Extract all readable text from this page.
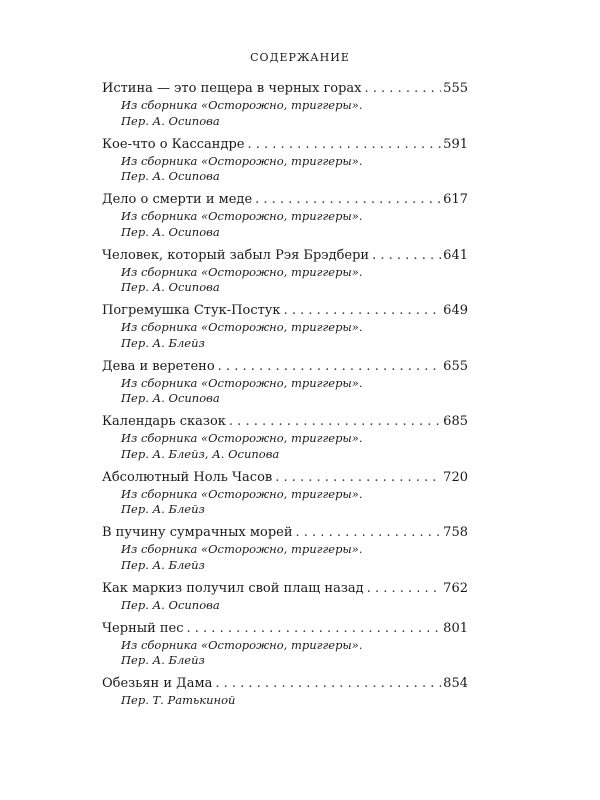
СОДЕРЖАНИЕ
Истина — это пещера в черных горах . . .	555
Из сборника «Осторожно, триггеры».
Пер. А. Осипова
Кое-что о Кассандре . . .	591
Из сборника «Осторожно, триггеры».
Пер. А. Осипова
Дело о смерти и меде . . .	617
Из сборника «Осторожно, триггеры».
Пер. А. Осипова
Человек, который забыл Рэя Брэдбери . . .	641
Из сборника «Осторожно, триггеры».
Пер. А. Осипова
Погремушка Стук-Постук . . .	649
Из сборника «Осторожно, триггеры».
Пер. А. Блейз
Дева и веретено . . .	655
Из сборника «Осторожно, триггеры».
Пер. А. Осипова
Календарь сказок . . .	685
Из сборника «Осторожно, триггеры».
Пер. А. Блейз, А. Осипова
Абсолютный Ноль Часов . . .	720
Из сборника «Осторожно, триггеры».
Пер. А. Блейз
В пучину сумрачных морей . . .	758
Из сборника «Осторожно, триггеры».
Пер. А. Блейз
Как маркиз получил свой плащ назад . . .	762
Пер. А. Осипова
Черный пес . . .	801
Из сборника «Осторожно, триггеры».
Пер. А. Блейз
Обезьян и Дама . . .	854
Пер. Т. Ратькиной
